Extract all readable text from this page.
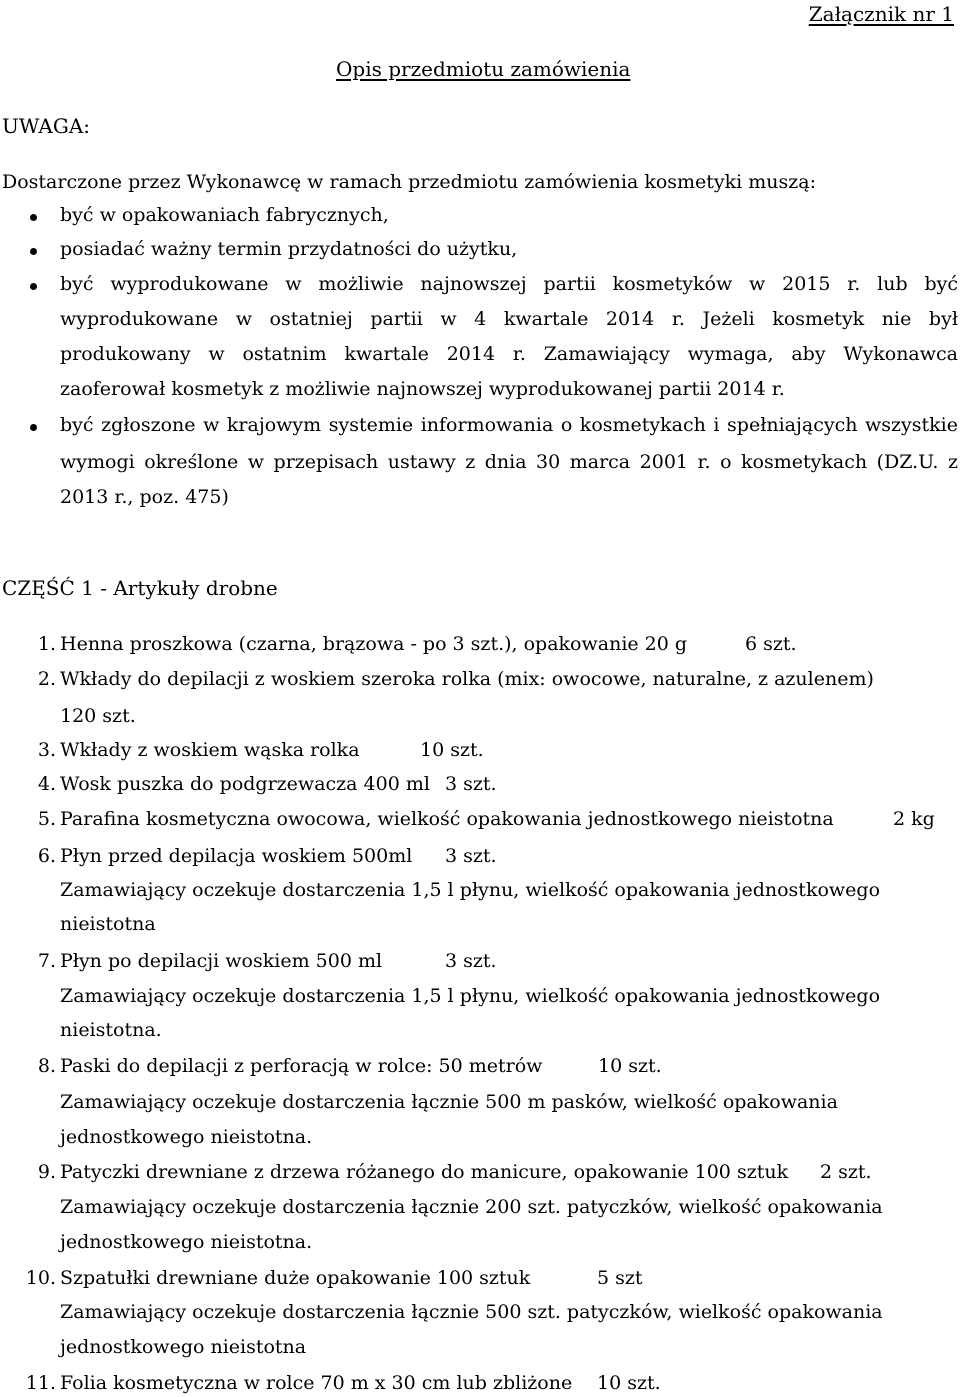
Załącznik nr 1
Opis przedmiotu zamówienia
UWAGA:
Dostarczone przez Wykonawcę w ramach przedmiotu zamówienia kosmetyki muszą:
być w opakowaniach fabrycznych,
posiadać ważny termin przydatności do użytku,
być wyprodukowane w możliwie najnowszej partii kosmetyków w 2015 r. lub być
wyprodukowane w ostatniej partii w 4 kwartale 2014 r. Jeżeli kosmetyk nie był
produkowany w ostatnim kwartale 2014 r. Zamawiający wymaga, aby Wykonawca
zaoferował kosmetyk z możliwie najnowszej wyprodukowanej partii 2014 r.
być zgłoszone w krajowym systemie informowania o kosmetykach i spełniających wszystkie
wymogi określone w przepisach ustawy z dnia 30 marca 2001 r. o kosmetykach (DZ.U. z
2013 r., poz. 475)
CZĘŚĆ 1 - Artykuły drobne
1. Henna proszkowa (czarna, brązowa - po 3 szt.), opakowanie 20 g	6 szt.
2. Wkłady do depilacji z woskiem szeroka rolka (mix: owocowe, naturalne, z azulenem)
120 szt.
3. Wkłady z woskiem wąska rolka	10 szt.
4. Wosk puszka do podgrzewacza 400 ml 3 szt.
5. Parafina kosmetyczna owocowa, wielkość opakowania jednostkowego nieistotna	2 kg
6. Płyn przed depilacja woskiem 500ml 3 szt.
Zamawiający oczekuje dostarczenia 1,5 l płynu, wielkość opakowania jednostkowego
nieistotna
7. Płyn po depilacji woskiem 500 ml	3 szt.
Zamawiający oczekuje dostarczenia 1,5 l płynu, wielkość opakowania jednostkowego
nieistotna.
8. Paski do depilacji z perforacją w rolce: 50 metrów	10 szt.
Zamawiający oczekuje dostarczenia łącznie 500 m pasków, wielkość opakowania
jednostkowego nieistotna.
9. Patyczki drewniane z drzewa różanego do manicure, opakowanie 100 sztuk 2 szt.
Zamawiający oczekuje dostarczenia łącznie 200 szt. patyczków, wielkość opakowania
jednostkowego nieistotna.
10. Szpatułki drewniane duże opakowanie 100 sztuk	5 szt
Zamawiający oczekuje dostarczenia łącznie 500 szt. patyczków, wielkość opakowania
jednostkowego nieistotna
11. Folia kosmetyczna w rolce 70 m x 30 cm lub zbliżone 10 szt.
